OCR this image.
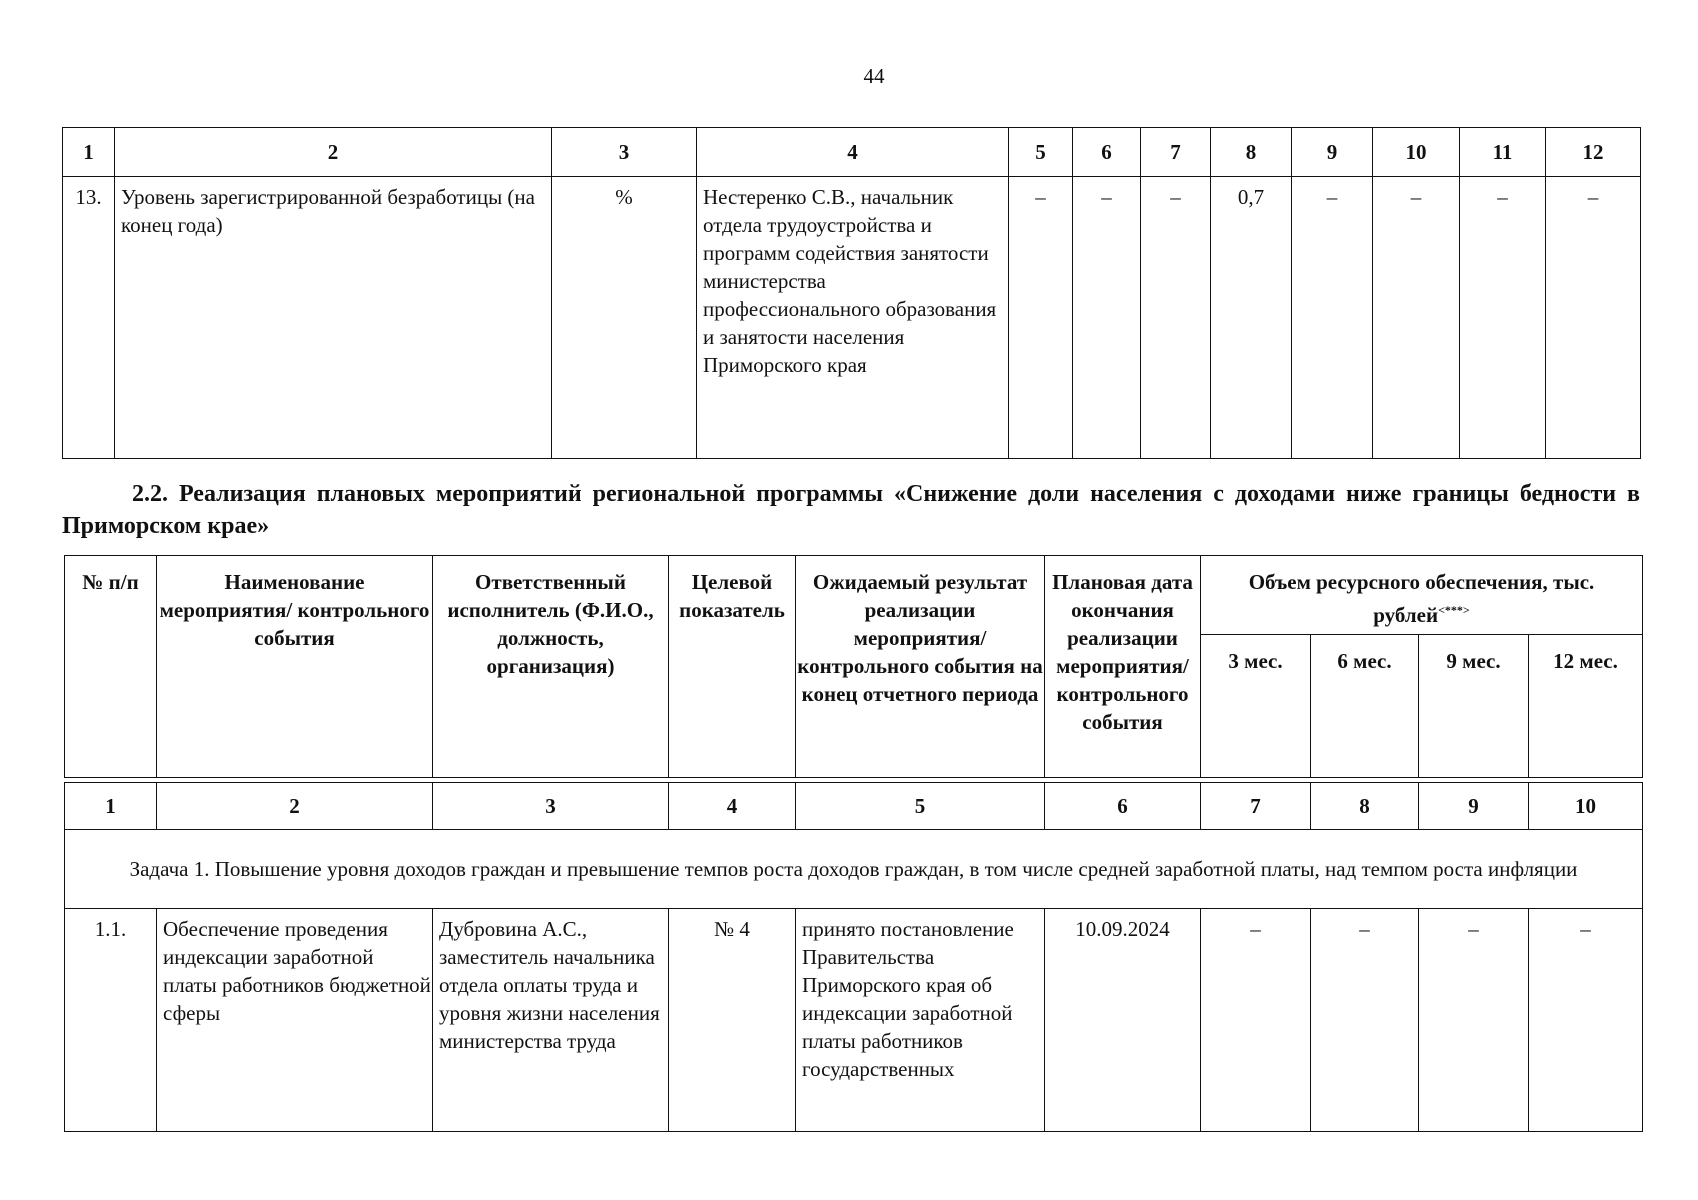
44
1	2	3	4	5	6	7	8	9	10	11	12
13.	Уровень зарегистрированной безработицы (на конец года)	%	Нестеренко С.В., начальник отдела трудоустройства и программ содействия занятости министерства профессионального образования и занятости населения Приморского края	–	–	–	0,7	–	–	–	–
2.2. Реализация плановых мероприятий региональной программы «Снижение доли населения с доходами ниже границы бедности в Приморском крае»
№ п/п	Наименование мероприятия/ контрольного события	Ответственный исполнитель (Ф.И.О., должность, организация)	Целевой показатель	Ожидаемый результат реализации мероприятия/ контрольного события на конец отчетного периода	Плановая дата окончания реализации мероприятия/ контрольного события	Объем ресурсного обеспечения, тыс. рублей<***>
						3 мес.	6 мес.	9 мес.	12 мес.

1	2	3	4	5	6	7	8	9	10
Задача 1. Повышение уровня доходов граждан и превышение темпов роста доходов граждан, в том числе средней заработной платы, над темпом роста инфляции									
1.1.	Обеспечение проведения индексации заработной платы работников бюджетной сферы	Дубровина А.С., заместитель начальника отдела оплаты труда и уровня жизни населения министерства труда	№ 4	принято постановление Правительства Приморского края об индексации заработной платы работников государственных	10.09.2024	–	–	–	–
